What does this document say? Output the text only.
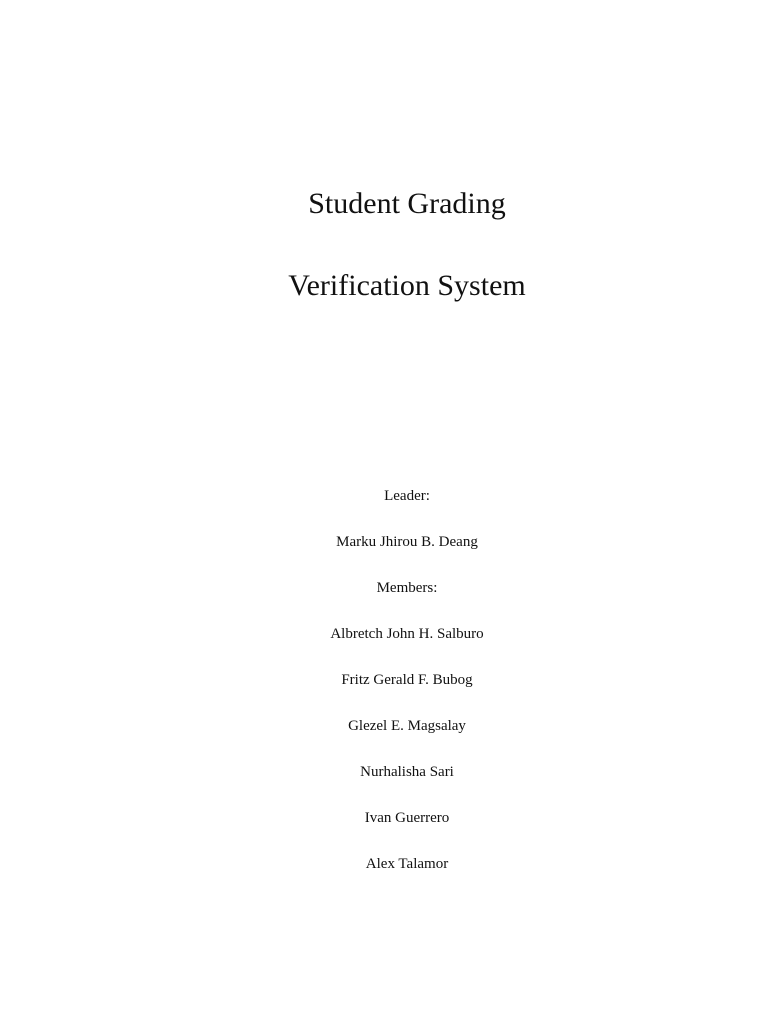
Student Grading
Verification System
Leader:
Marku Jhirou B. Deang
Members:
Albretch John H. Salburo
Fritz Gerald F. Bubog
Glezel E. Magsalay
Nurhalisha Sari
Ivan Guerrero
Alex Talamor
